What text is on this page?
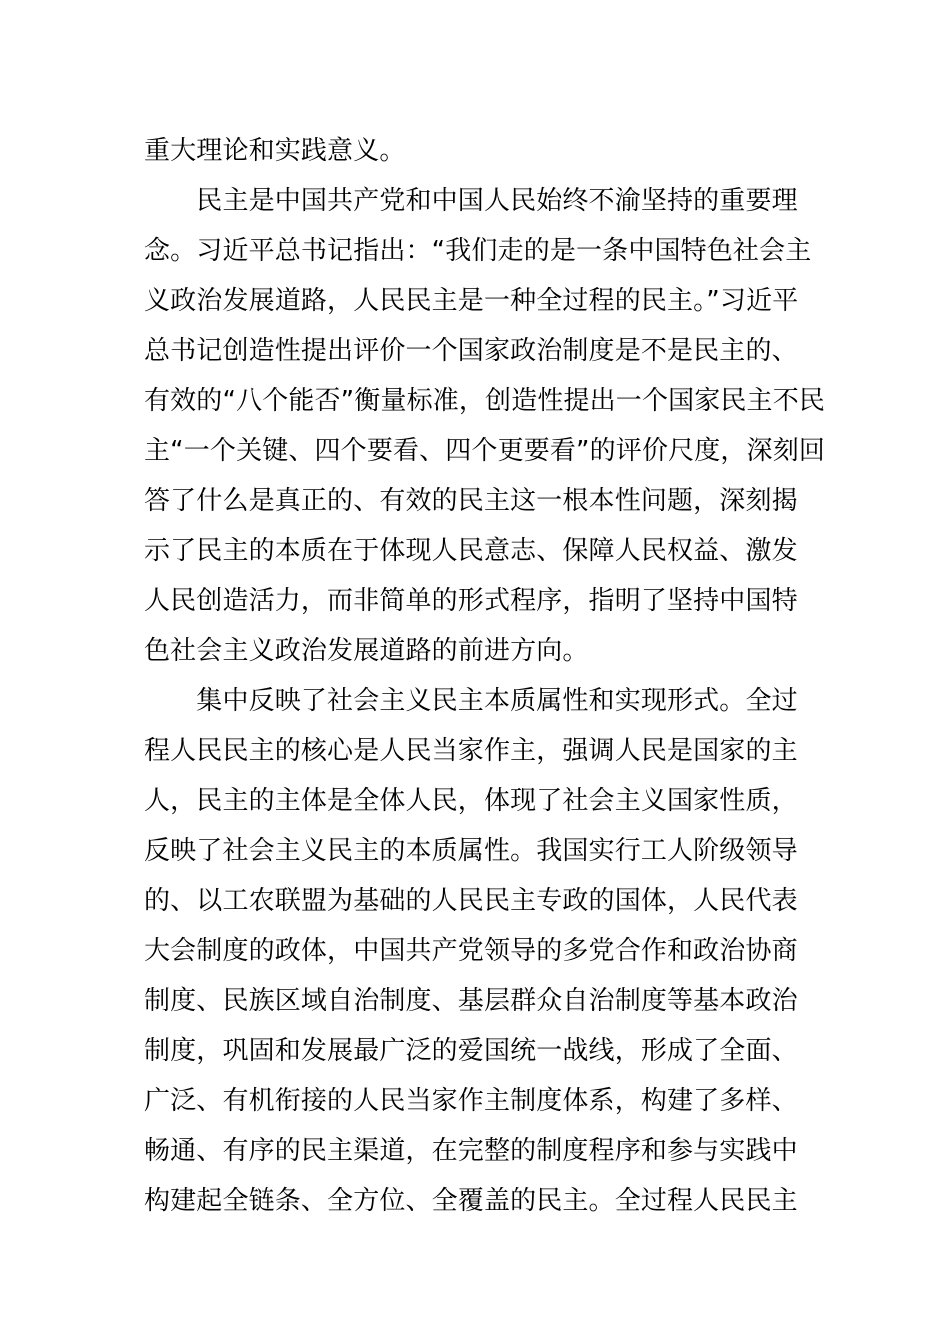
重大理论和实践意义。
　　民主是中国共产党和中国人民始终不渝坚持的重要理
念。习近平总书记指出：“我们走的是一条中国特色社会主
义政治发展道路，人民民主是一种全过程的民主。”习近平
总书记创造性提出评价一个国家政治制度是不是民主的、
有效的“八个能否”衡量标准，创造性提出一个国家民主不民
主“一个关键、四个要看、四个更要看”的评价尺度，深刻回
答了什么是真正的、有效的民主这一根本性问题，深刻揭
示了民主的本质在于体现人民意志、保障人民权益、激发
人民创造活力，而非简单的形式程序，指明了坚持中国特
色社会主义政治发展道路的前进方向。
　　集中反映了社会主义民主本质属性和实现形式。全过
程人民民主的核心是人民当家作主，强调人民是国家的主
人，民主的主体是全体人民，体现了社会主义国家性质，
反映了社会主义民主的本质属性。我国实行工人阶级领导
的、以工农联盟为基础的人民民主专政的国体，人民代表
大会制度的政体，中国共产党领导的多党合作和政治协商
制度、民族区域自治制度、基层群众自治制度等基本政治
制度，巩固和发展最广泛的爱国统一战线，形成了全面、
广泛、有机衔接的人民当家作主制度体系，构建了多样、
畅通、有序的民主渠道，在完整的制度程序和参与实践中
构建起全链条、全方位、全覆盖的民主。全过程人民民主
